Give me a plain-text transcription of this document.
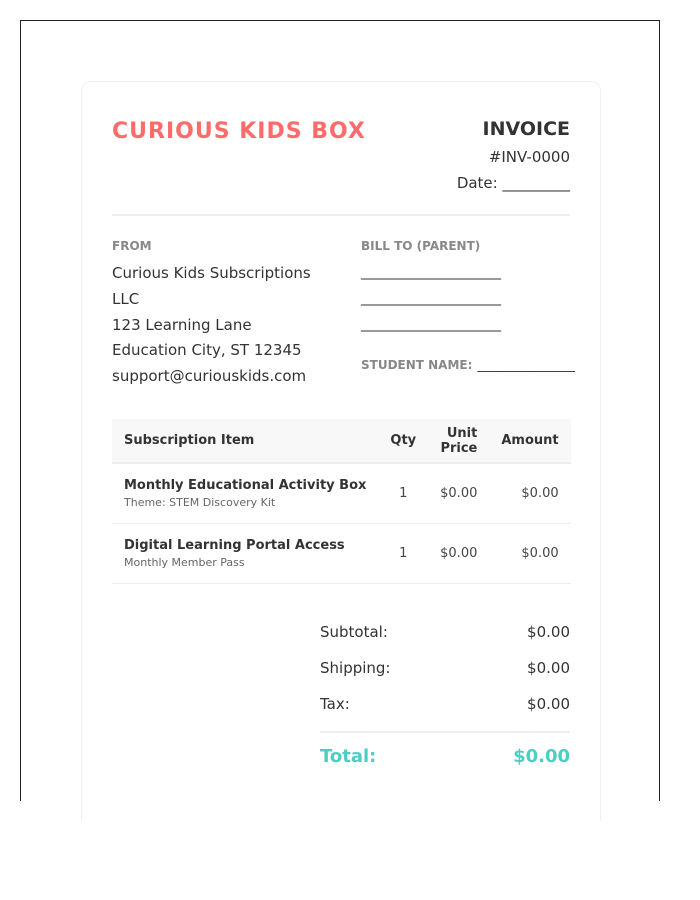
CURIOUS KIDS BOX	INVOICE
#INV-0000
Date: _________
FROM
Curious Kids Subscriptions
LLC
123 Learning Lane
Education City, ST 12345
support@curiouskids.com
BILL TO (PARENT)
____________________
____________________
____________________
STUDENT NAME: _______________
Subscription Item	Qty	Unit Price	Amount

Monthly Educational Activity Box
Theme: STEM Discovery Kit	1	$0.00	$0.00

Digital Learning Portal Access
Monthly Member Pass	1	$0.00	$0.00
Subtotal:	$0.00
Shipping:	$0.00
Tax:	$0.00
Total:	$0.00
